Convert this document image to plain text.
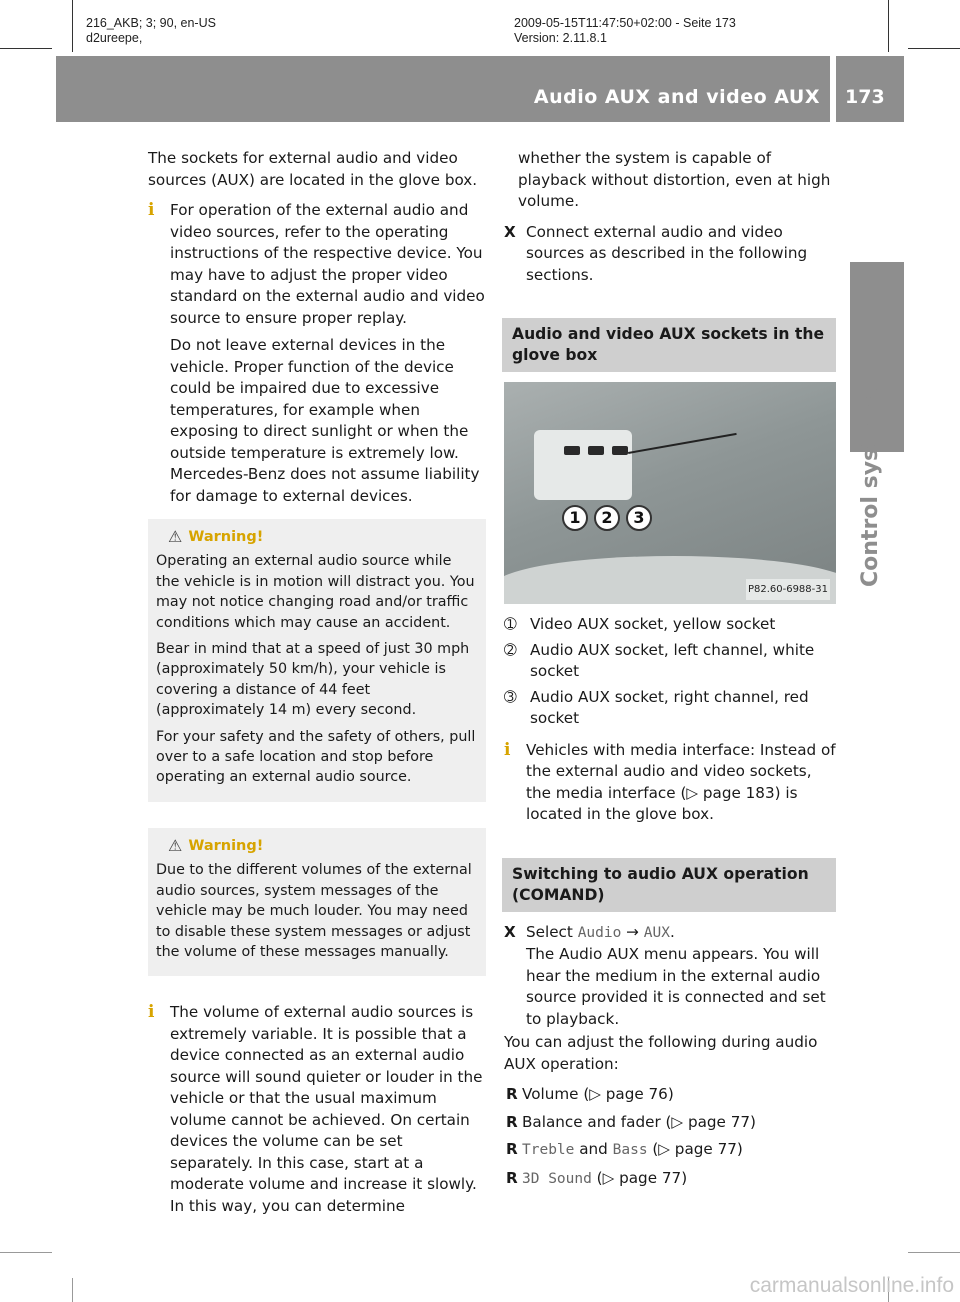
216_AKB; 3; 90, en-US
d2ureepe,
2009-05-15T11:47:50+02:00 - Seite 173
Version: 2.11.8.1
Audio AUX and video AUX 173
Control systems

The sockets for external audio and video sources (AUX) are located in the glove box.

i For operation of the external audio and video sources, refer to the operating instructions of the respective device. You may have to adjust the proper video standard on the external audio and video source to ensure proper replay.

Do not leave external devices in the vehicle. Proper function of the device could be impaired due to excessive temperatures, for example when exposing to direct sunlight or when the outside temperature is extremely low. Mercedes-Benz does not assume liability for damage to external devices.

⚠ Warning!

Operating an external audio source while the vehicle is in motion will distract you. You may not notice changing road and/or traffic conditions which may cause an accident.

Bear in mind that at a speed of just 30 mph (approximately 50 km/h), your vehicle is covering a distance of 44 feet (approximately 14 m) every second.

For your safety and the safety of others, pull over to a safe location and stop before operating an external audio source.

⚠ Warning!

Due to the different volumes of the external audio sources, system messages of the vehicle may be much louder. You may need to disable these system messages or adjust the volume of these messages manually.

i The volume of external audio sources is extremely variable. It is possible that a device connected as an external audio source will sound quieter or louder in the vehicle or that the usual maximum volume cannot be achieved. On certain devices the volume can be set separately. In this case, start at a moderate volume and increase it slowly. In this way, you can determine

whether the system is capable of playback without distortion, even at high volume.

X Connect external audio and video sources as described in the following sections.
Audio and video AUX sockets in the glove box
1	2	3
P82.60-6988-31
➀ Video AUX socket, yellow socket
➁ Audio AUX socket, left channel, white socket
➂ Audio AUX socket, right channel, red socket
i Vehicles with media interface: Instead of the external audio and video sockets, the media interface (▷ page 183) is located in the glove box.

Switching to audio AUX operation (COMAND)
X Select Audio → AUX.
The Audio AUX menu appears. You will hear the medium in the external audio source provided it is connected and set to playback.

You can adjust the following during audio AUX operation:

R Volume (▷ page 76)
R Balance and fader (▷ page 77)
R Treble and Bass (▷ page 77)
R 3D Sound (▷ page 77)
carmanualsonline.info
